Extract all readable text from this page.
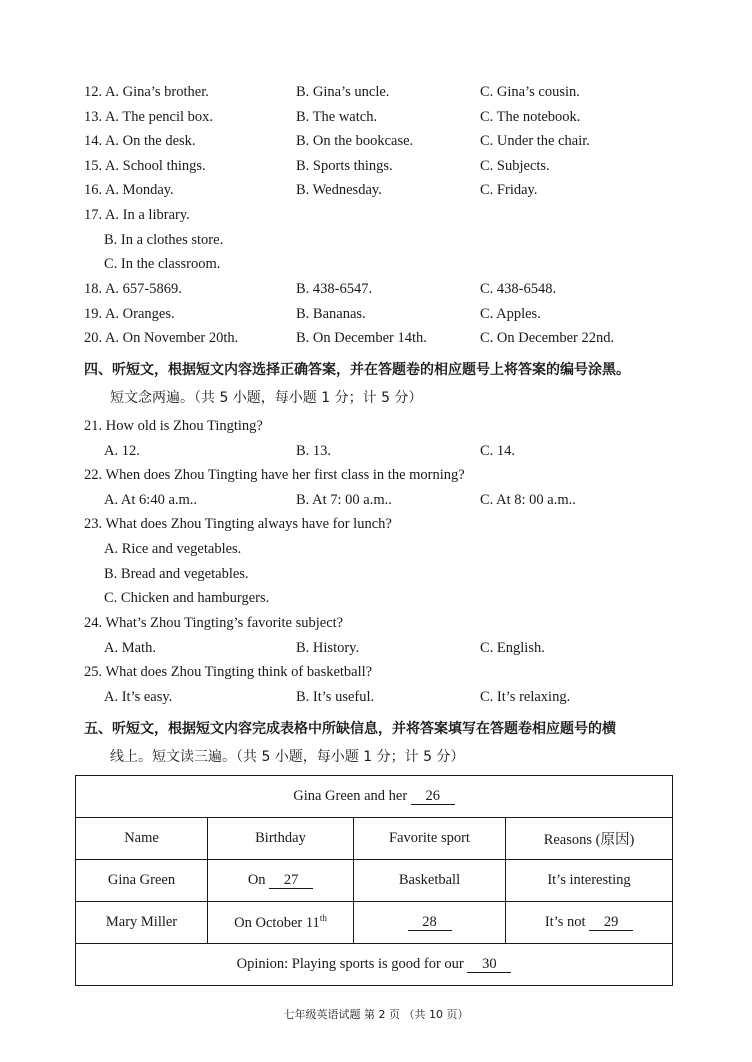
12. A. Gina’s brother.	B. Gina’s uncle.	C. Gina’s cousin.
13. A. The pencil box.	B. The watch.	C. The notebook.
14. A. On the desk.	B. On the bookcase.	C. Under the chair.
15. A. School things.	B. Sports things.	C. Subjects.
16. A. Monday.	B. Wednesday.	C. Friday.
17. A. In a library.
B. In a clothes store.
C. In the classroom.
18. A. 657-5869.	B. 438-6547.	C. 438-6548.
19. A. Oranges.	B. Bananas.	C. Apples.
20. A. On November 20th.	B. On December 14th.	C. On December 22nd.
四、听短文，根据短文内容选择正确答案，并在答题卷的相应题号上将答案的编号涂黑。
短文念两遍。（共 5 小题，每小题 1 分；计 5 分）
21. How old is Zhou Tingting?
A. 12.	B. 13.	C. 14.
22. When does Zhou Tingting have her first class in the morning?
A. At 6:40 a.m..	B. At 7: 00 a.m..	C. At 8: 00 a.m..
23. What does Zhou Tingting always have for lunch?
A. Rice and vegetables.
B. Bread and vegetables.
C. Chicken and hamburgers.
24. What’s Zhou Tingting’s favorite subject?
A. Math.	B. History.	C. English.
25. What does Zhou Tingting think of basketball?
A. It’s easy.	B. It’s useful.	C. It’s relaxing.
五、听短文，根据短文内容完成表格中所缺信息，并将答案填写在答题卷相应题号的横
线上。短文读三遍。（共 5 小题，每小题 1 分；计 5 分）
Gina Green and her 26			
Name	Birthday	Favorite sport	Reasons (原因)
Gina Green	On 27	Basketball	It’s interesting
Mary Miller	On October 11th	28	It’s not 29
Opinion: Playing sports is good for our 30			
七年级英语试题 第 2 页 （共 10 页）
